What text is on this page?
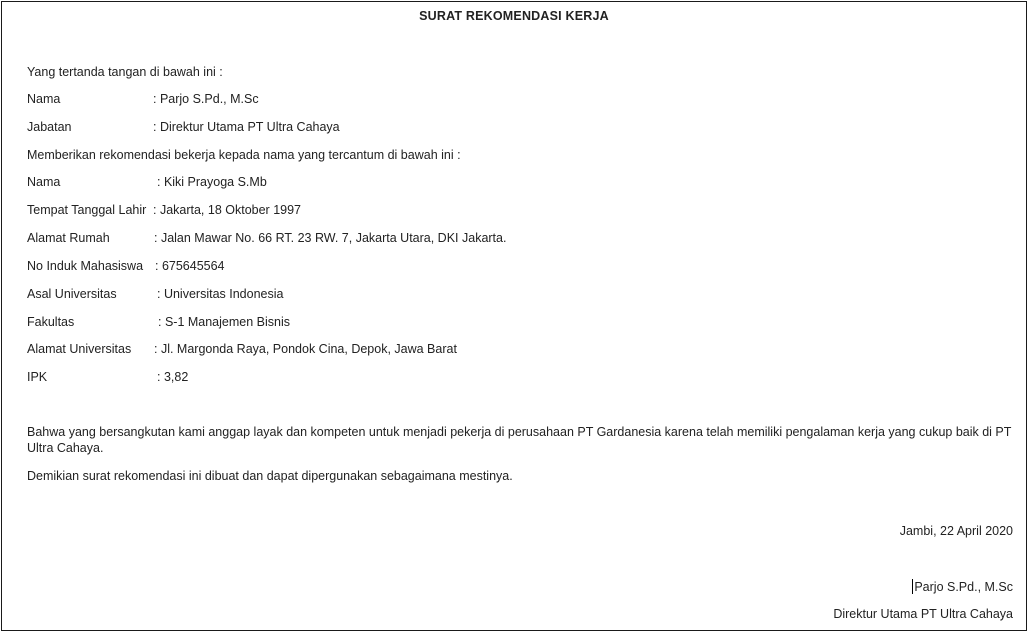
SURAT REKOMENDASI KERJA
Yang tertanda tangan di bawah ini :
Nama	: Parjo S.Pd., M.Sc
Jabatan	: Direktur Utama PT Ultra Cahaya
Memberikan rekomendasi bekerja kepada nama yang tercantum di bawah ini :
Nama	: Kiki Prayoga S.Mb
Tempat Tanggal Lahir : Jakarta, 18 Oktober 1997
Alamat Rumah	: Jalan Mawar No. 66 RT. 23 RW. 7, Jakarta Utara, DKI Jakarta.
No Induk Mahasiswa : 675645564
Asal Universitas	: Universitas Indonesia
Fakultas	: S-1 Manajemen Bisnis
Alamat Universitas : Jl. Margonda Raya, Pondok Cina, Depok, Jawa Barat
IPK	: 3,82
Bahwa yang bersangkutan kami anggap layak dan kompeten untuk menjadi pekerja di perusahaan PT Gardanesia karena telah memiliki pengalaman kerja yang cukup baik di PT Ultra Cahaya.
Demikian surat rekomendasi ini dibuat dan dapat dipergunakan sebagaimana mestinya.
Jambi, 22 April 2020
Parjo S.Pd., M.Sc
Direktur Utama PT Ultra Cahaya
